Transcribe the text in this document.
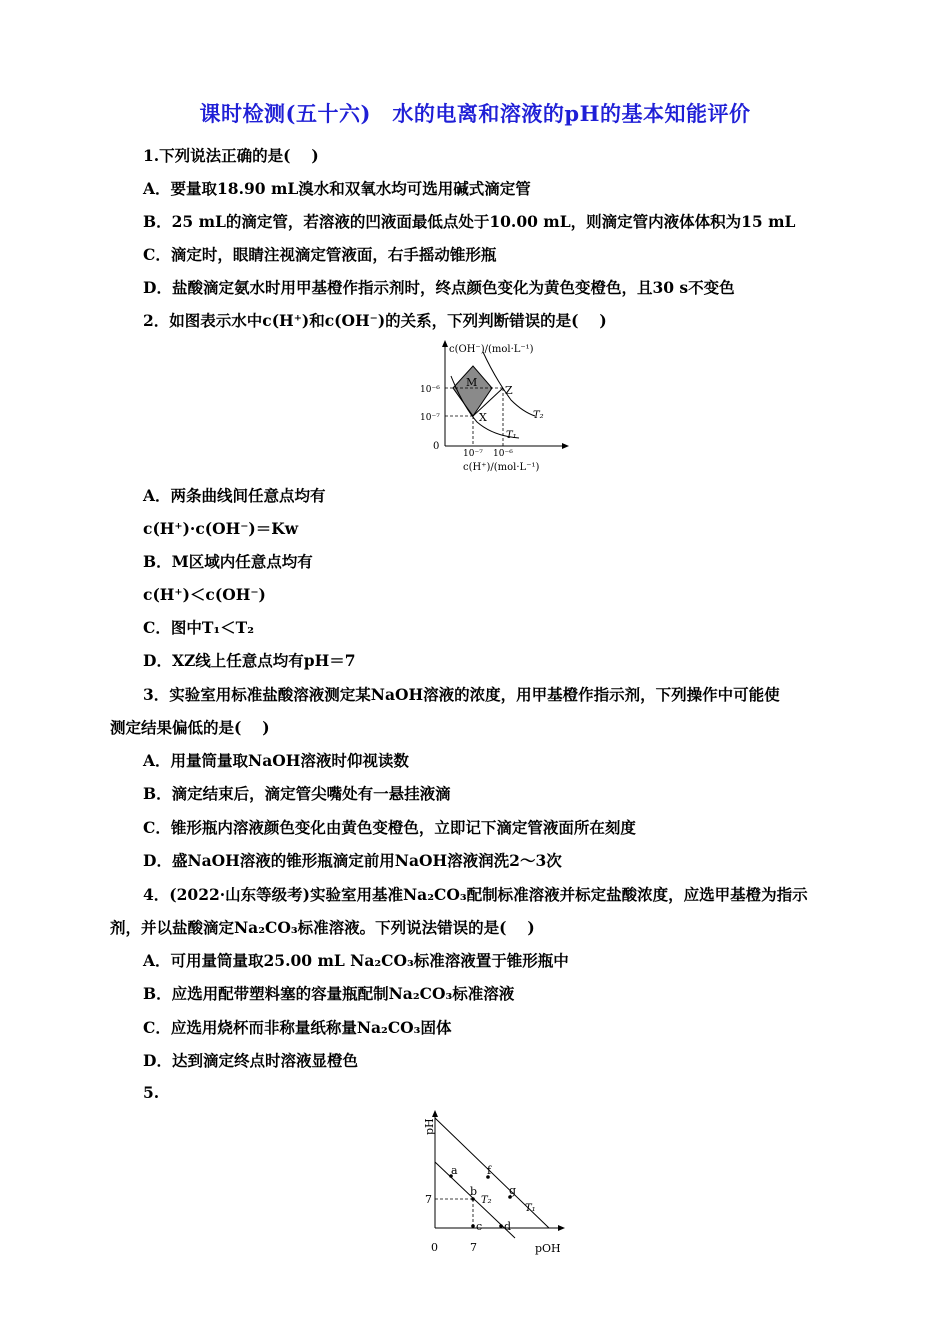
课时检测(五十六)　水的电离和溶液的pH的基本知能评价
1.下列说法正确的是(　 )
A．要量取18.90 mL溴水和双氧水均可选用碱式滴定管
B．25 mL的滴定管，若溶液的凹液面最低点处于10.00 mL，则滴定管内液体体积为15 mL
C．滴定时，眼睛注视滴定管液面，右手摇动锥形瓶
D．盐酸滴定氨水时用甲基橙作指示剂时，终点颜色变化为黄色变橙色，且30 s不变色
2．如图表示水中c(H⁺)和c(OH⁻)的关系，下列判断错误的是(　 )
c(OH⁻)/(mol·L⁻¹)
c(H⁺)/(mol·L⁻¹)
10⁻⁶
10⁻⁷
10⁻⁷ 10⁻⁶
0
M
Z
X	T₂
T₁
A．两条曲线间任意点均有
c(H⁺)·c(OH⁻)＝Kw
B．M区域内任意点均有
c(H⁺)＜c(OH⁻)
C．图中T₁＜T₂
D．XZ线上任意点均有pH＝7
3．实验室用标准盐酸溶液测定某NaOH溶液的浓度，用甲基橙作指示剂，下列操作中可能使
测定结果偏低的是(　 )
A．用量筒量取NaOH溶液时仰视读数
B．滴定结束后，滴定管尖嘴处有一悬挂液滴
C．锥形瓶内溶液颜色变化由黄色变橙色，立即记下滴定管液面所在刻度
D．盛NaOH溶液的锥形瓶滴定前用NaOH溶液润洗2～3次
4．(2022·山东等级考)实验室用基准Na₂CO₃配制标准溶液并标定盐酸浓度，应选甲基橙为指示
剂，并以盐酸滴定Na₂CO₃标准溶液。下列说法错误的是(　 )
A．可用量筒量取25.00 mL Na₂CO₃标准溶液置于锥形瓶中
B．应选用配带塑料塞的容量瓶配制Na₂CO₃标准溶液
C．应选用烧杯而非称量纸称量Na₂CO₃固体
D．达到滴定终点时溶液显橙色
5.
pH
pOH
0
7
7
a
b
c d
f
g
T₂
T₁
